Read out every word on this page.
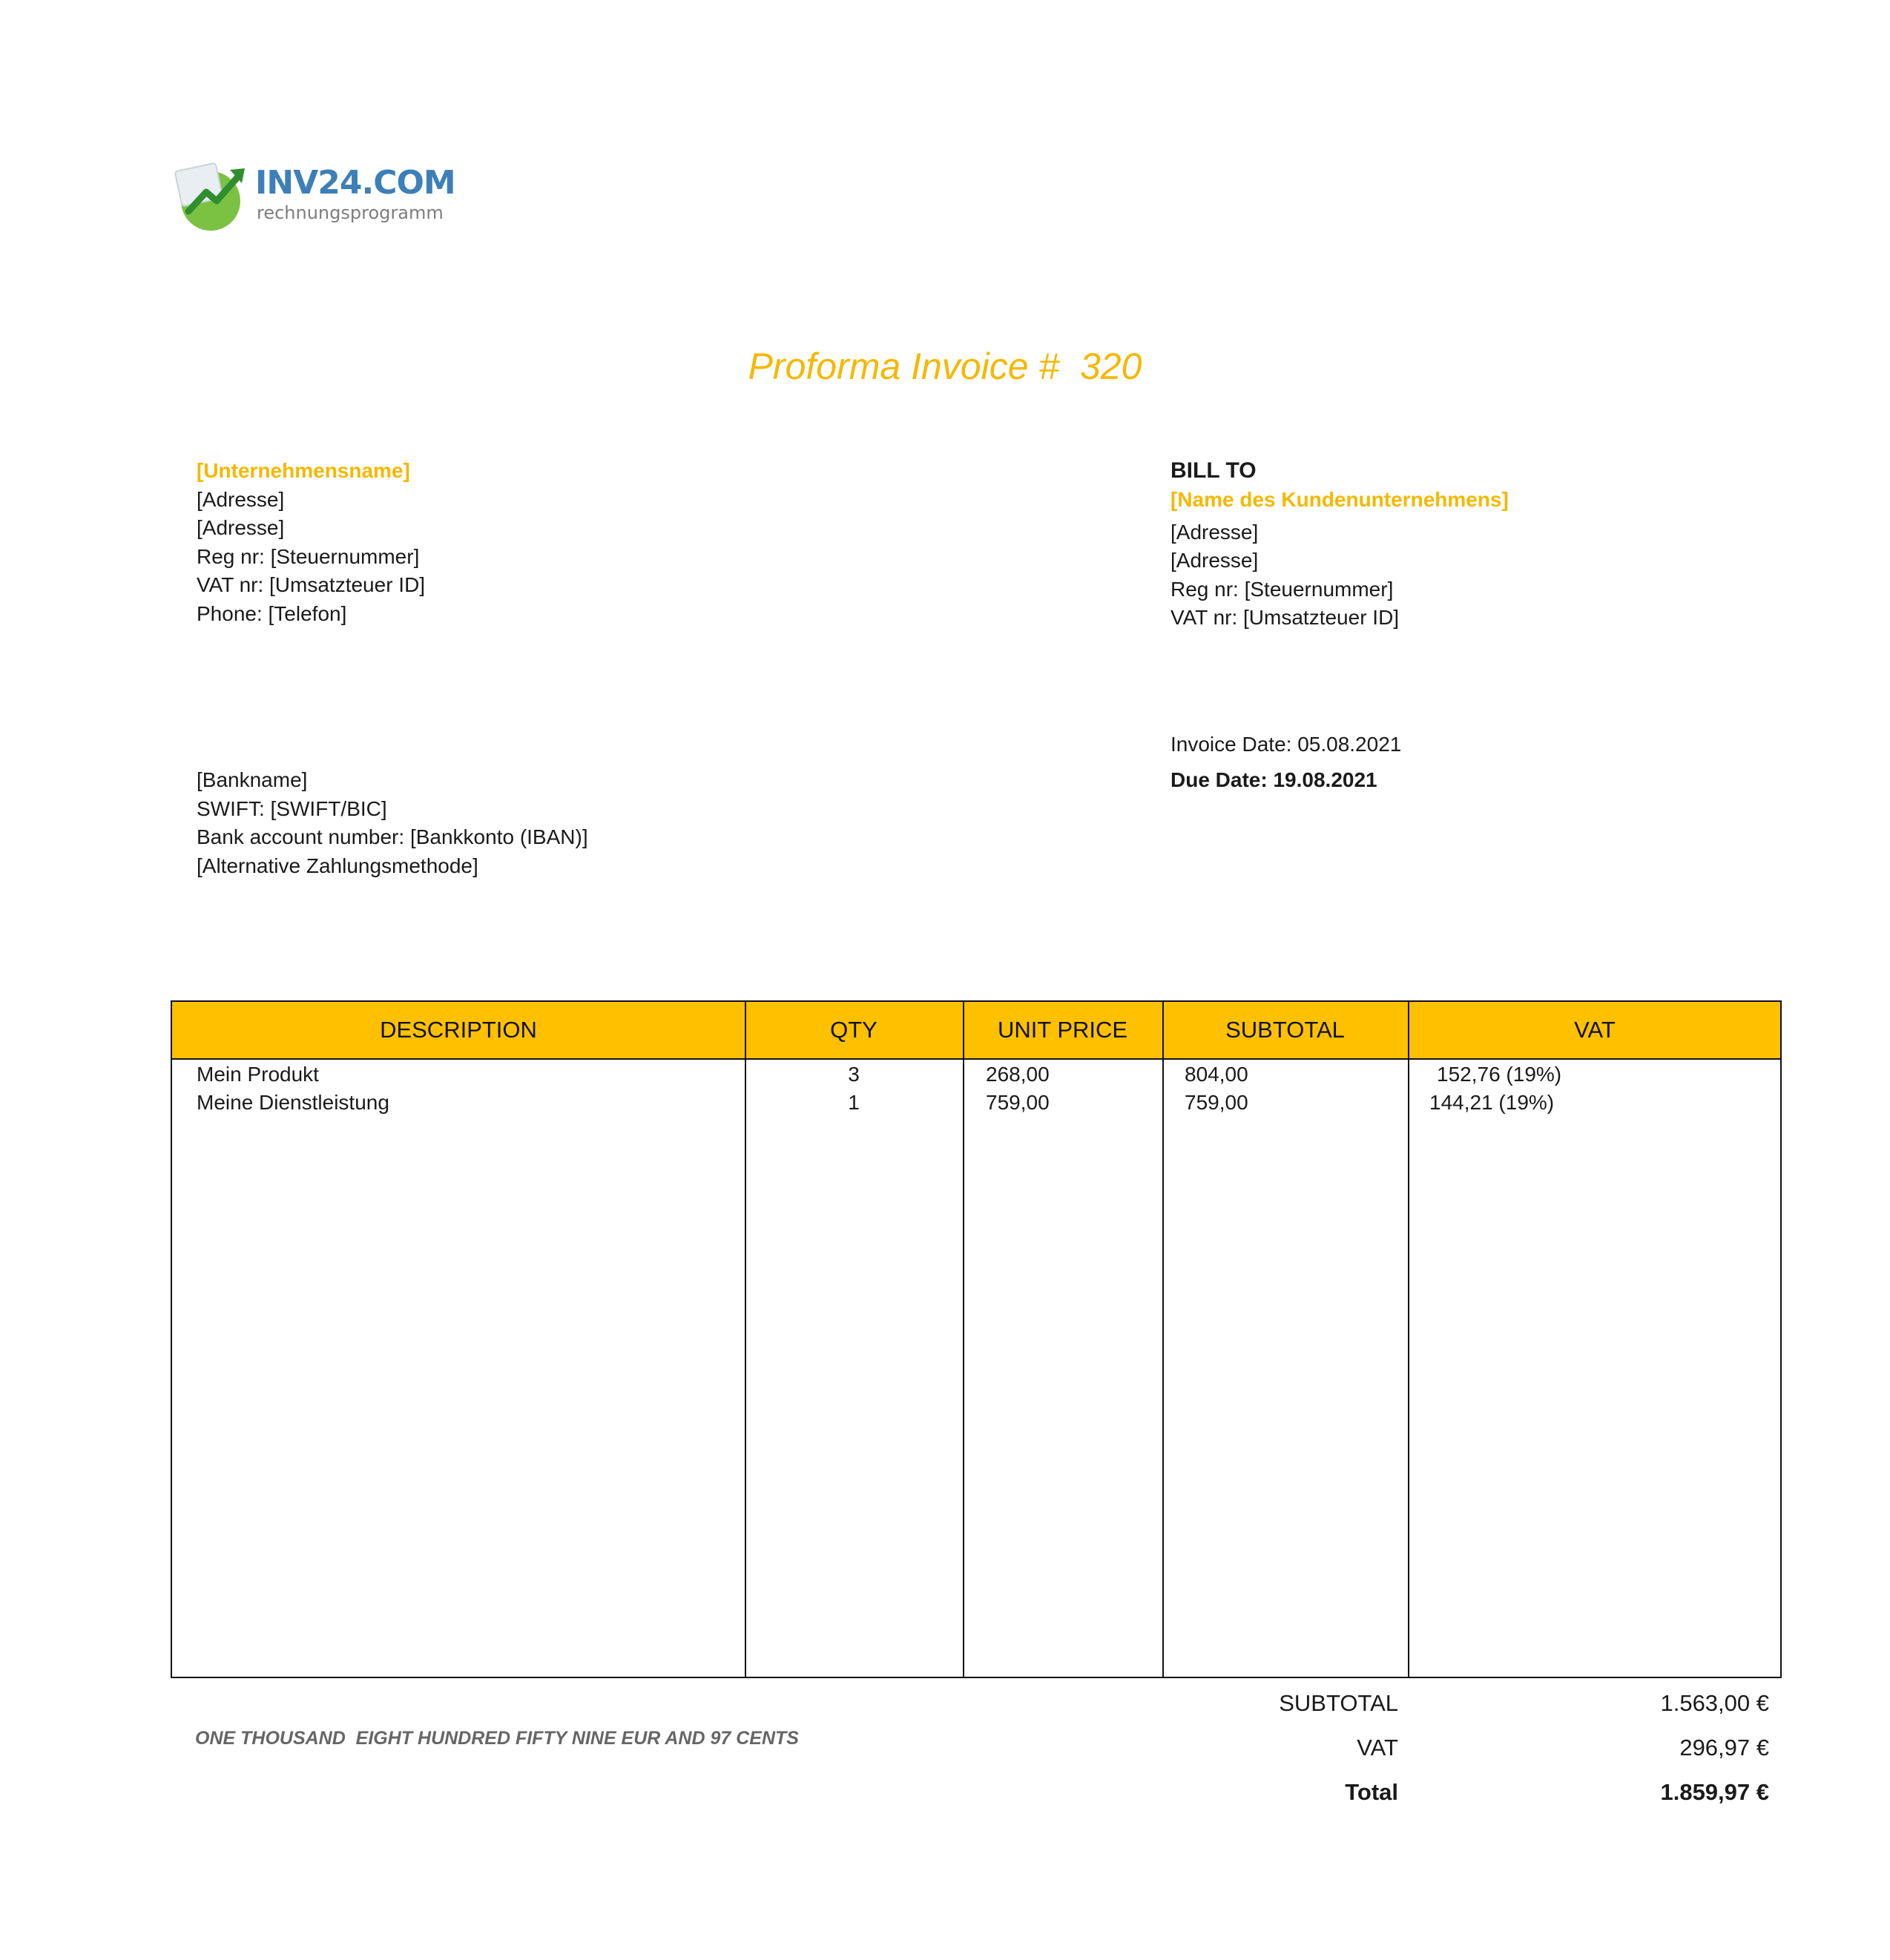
INV24.COM
rechnungsprogramm
Proforma Invoice #  320
[Unternehmensname]
[Adresse]
[Adresse]
Reg nr: [Steuernummer]
VAT nr: [Umsatzteuer ID]
Phone: [Telefon]
BILL TO
[Name des Kundenunternehmens]
[Adresse]
[Adresse]
Reg nr: [Steuernummer]
VAT nr: [Umsatzteuer ID]
Invoice Date: 05.08.2021
Due Date: 19.08.2021
[Bankname]
SWIFT: [SWIFT/BIC]
Bank account number: [Bankkonto (IBAN)]
[Alternative Zahlungsmethode]
DESCRIPTION	QTY	UNIT PRICE	SUBTOTAL	VAT
Mein Produkt	3	268,00	804,00	152,76 (19%)
Meine Dienstleistung	1	759,00	759,00	144,21 (19%)
ONE THOUSAND  EIGHT HUNDRED FIFTY NINE EUR AND 97 CENTS
SUBTOTAL	1.563,00 €
VAT	296,97 €
Total	1.859,97 €
